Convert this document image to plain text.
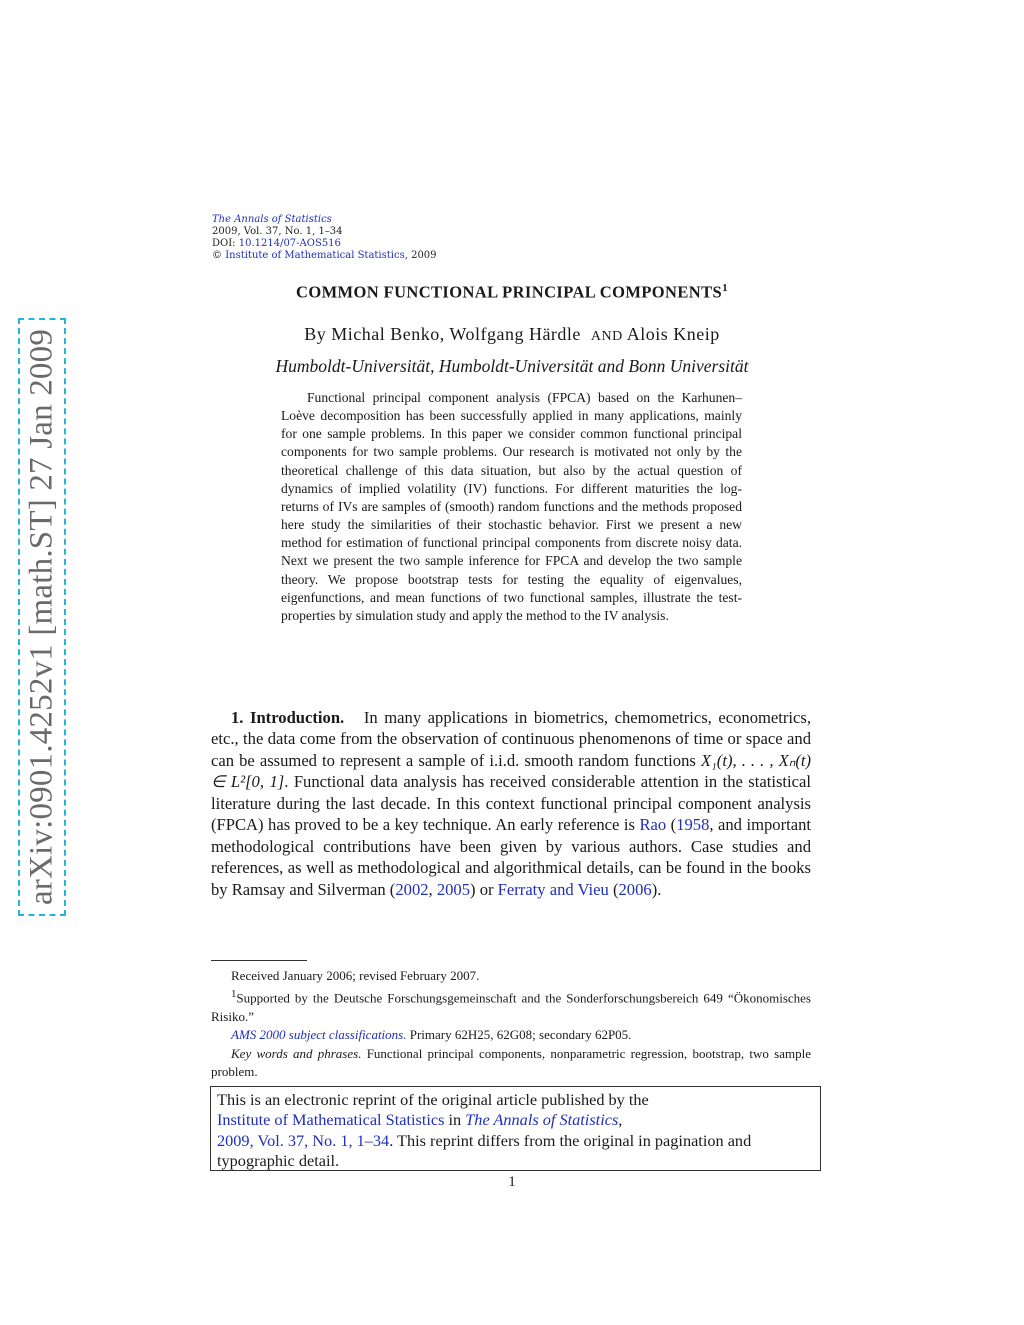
arXiv:0901.4252v1 [math.ST] 27 Jan 2009
The Annals of Statistics
2009, Vol. 37, No. 1, 1–34
DOI: 10.1214/07-AOS516
© Institute of Mathematical Statistics, 2009
COMMON FUNCTIONAL PRINCIPAL COMPONENTS$^1$
By Michal Benko, Wolfgang Härdle AND Alois Kneip
Humboldt-Universität, Humboldt-Universität and Bonn Universität
Functional principal component analysis (FPCA) based on the Karhunen–Loève decomposition has been successfully applied in many applications, mainly for one sample problems. In this paper we consider common functional principal components for two sample problems. Our research is motivated not only by the theoretical challenge of this data situation, but also by the actual question of dynamics of implied volatility (IV) functions. For different maturities the log-returns of IVs are samples of (smooth) random functions and the methods proposed here study the similarities of their stochastic behavior. First we present a new method for estimation of functional principal components from discrete noisy data. Next we present the two sample inference for FPCA and develop the two sample theory. We propose bootstrap tests for testing the equality of eigenvalues, eigenfunctions, and mean functions of two functional samples, illustrate the test-properties by simulation study and apply the method to the IV analysis.
1. Introduction. In many applications in biometrics, chemometrics, econometrics, etc., the data come from the observation of continuous phenomenons of time or space and can be assumed to represent a sample of i.i.d. smooth random functions X₁(t), . . . , Xₙ(t) ∈ L²[0, 1]. Functional data analysis has received considerable attention in the statistical literature during the last decade. In this context functional principal component analysis (FPCA) has proved to be a key technique. An early reference is Rao (1958, and important methodological contributions have been given by various authors. Case studies and references, as well as methodological and algorithmical details, can be found in the books by Ramsay and Silverman (2002, 2005) or Ferraty and Vieu (2006).

Received January 2006; revised February 2007.

$^1$Supported by the Deutsche Forschungsgemeinschaft and the Sonderforschungsbereich 649 “Ökonomisches Risiko.”

AMS 2000 subject classifications. Primary 62H25, 62G08; secondary 62P05.

Key words and phrases. Functional principal components, nonparametric regression, bootstrap, two sample problem.

This is an electronic reprint of the original article published by the
Institute of Mathematical Statistics in The Annals of Statistics,
2009, Vol. 37, No. 1, 1–34. This reprint differs from the original in pagination and typographic detail.
1
